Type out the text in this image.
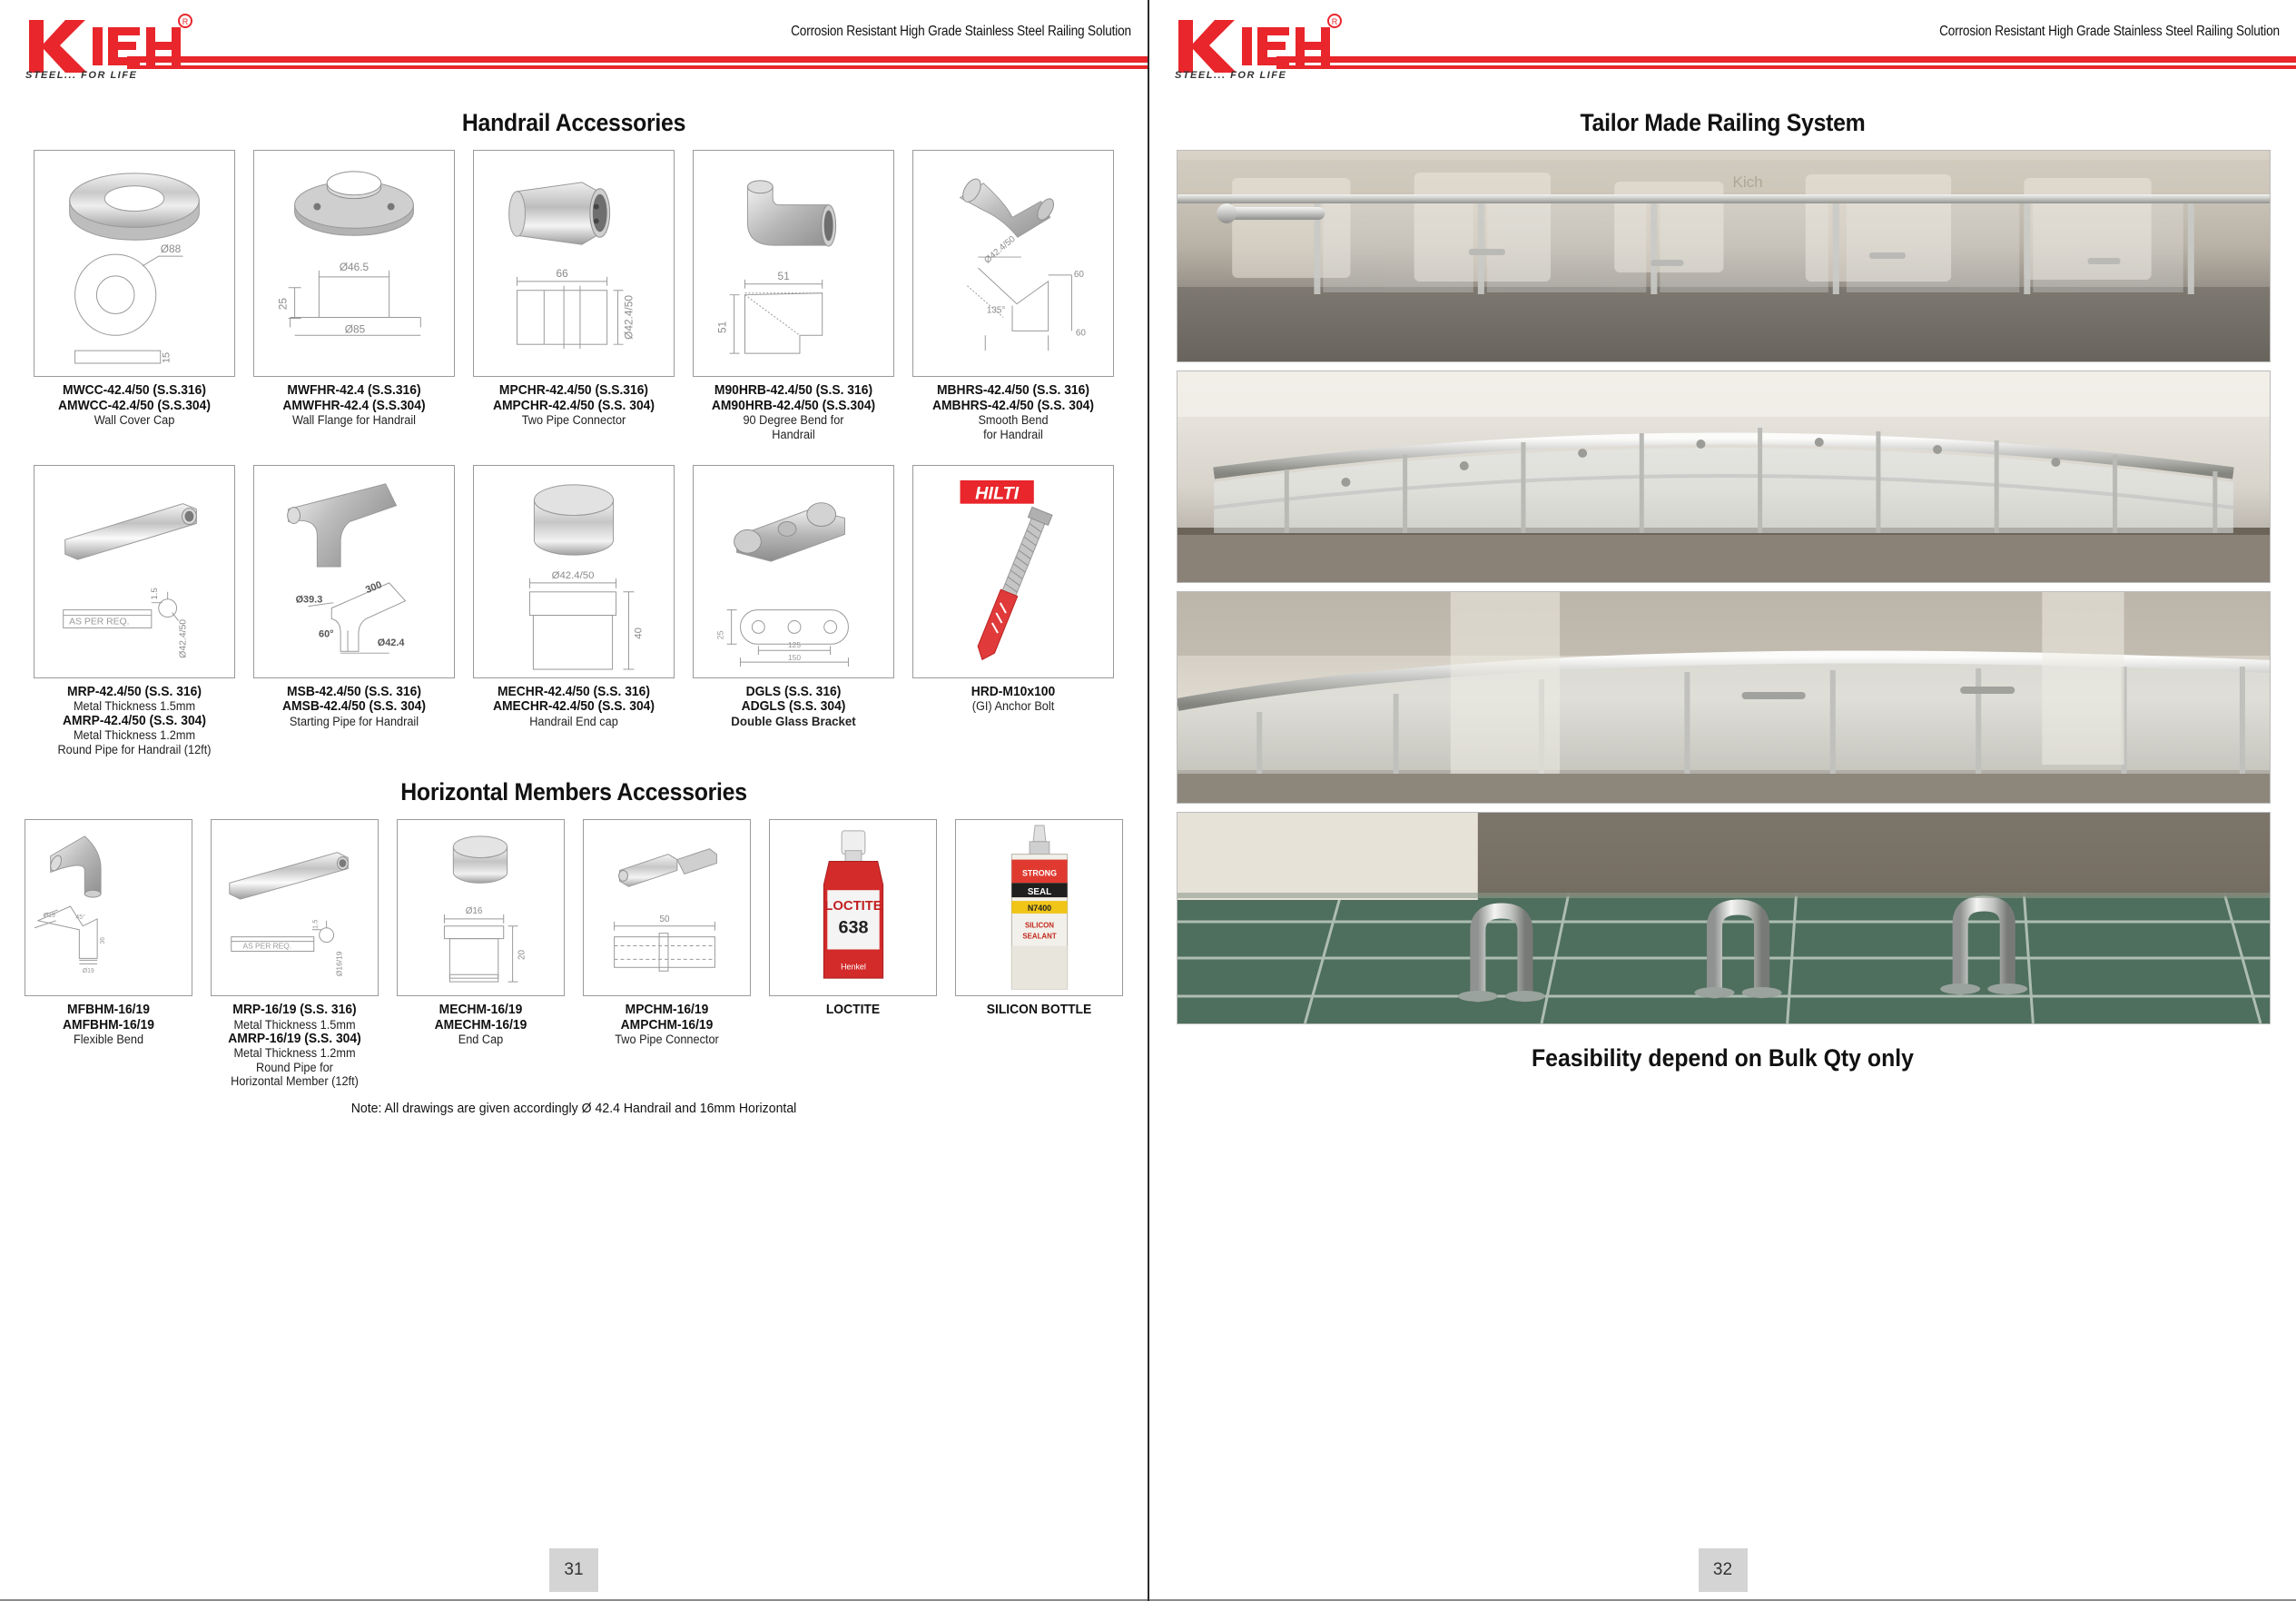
R
STEEL... FOR LIFE
Corrosion Resistant High Grade Stainless Steel Railing Solution
Handrail Accessories
Ø88
15
MWCC-42.4/50 (S.S.316)
AMWCC-42.4/50 (S.S.304)
Wall Cover Cap
Ø46.5
25
Ø85
MWFHR-42.4 (S.S.316)
AMWFHR-42.4 (S.S.304)
Wall Flange for Handrail
66
Ø42.4/50
MPCHR-42.4/50 (S.S.316)
AMPCHR-42.4/50 (S.S. 304)
Two Pipe Connector
51
51
M90HRB-42.4/50 (S.S. 316)
AM90HRB-42.4/50 (S.S.304)
90 Degree Bend for
Handrail
Ø42.4/50
60
135°
60
MBHRS-42.4/50 (S.S. 316)
AMBHRS-42.4/50 (S.S. 304)
Smooth Bend
for Handrail
AS PER REQ.
1.5
Ø42.4/50
MRP-42.4/50 (S.S. 316)
Metal Thickness 1.5mm
AMRP-42.4/50 (S.S. 304)
Metal Thickness 1.2mm
Round Pipe for Handrail (12ft)
Ø39.3
300
60°
Ø42.4
MSB-42.4/50 (S.S. 316)
AMSB-42.4/50 (S.S. 304)
Starting Pipe for Handrail
Ø42.4/50
40
MECHR-42.4/50 (S.S. 316)
AMECHR-42.4/50 (S.S. 304)
Handrail End cap
25
125
150
DGLS (S.S. 316)
ADGLS (S.S. 304)
Double Glass Bracket
HILTI
HRD-M10x100
(GI) Anchor Bolt
Horizontal Members Accessories
Ø19	45°
36
Ø19
MFBHM-16/19
AMFBHM-16/19
Flexible Bend
AS PER REQ.
1.5
Ø16/19
MRP-16/19 (S.S. 316)
Metal Thickness 1.5mm
AMRP-16/19 (S.S. 304)
Metal Thickness 1.2mm
Round Pipe for
Horizontal Member (12ft)
Ø16
20
MECHM-16/19
AMECHM-16/19
End Cap
50
MPCHM-16/19
AMPCHM-16/19
Two Pipe Connector
LOCTITE
638
Henkel
LOCTITE
STRONG
SEAL
N7400
SILICON
SEALANT
SILICON BOTTLE
Note: All drawings are given accordingly Ø 42.4 Handrail and 16mm Horizontal
31
R
STEEL... FOR LIFE
Corrosion Resistant High Grade Stainless Steel Railing Solution
Tailor Made Railing System
Kich
Feasibility depend on Bulk Qty only
32
